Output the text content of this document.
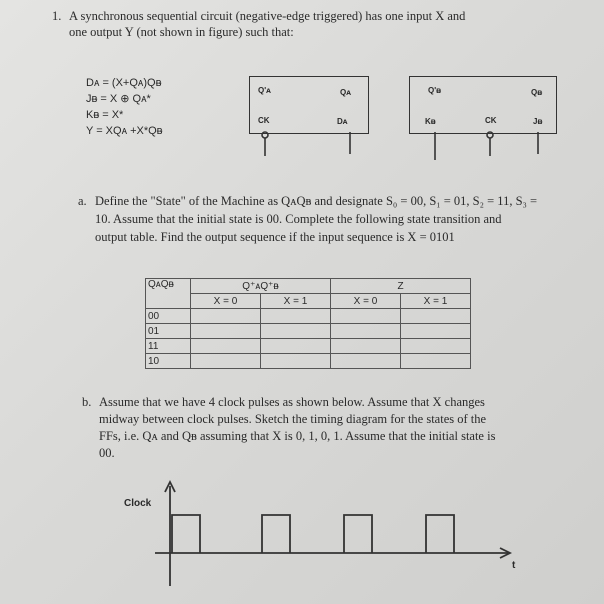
1. A synchronous sequential circuit (negative-edge triggered) has one input X and
one output Y (not shown in figure) such that:
Dᴀ = (X+Qᴀ)Qᴃ
Jᴃ = X ⊕ Qᴀ*
Kᴃ = X*
Y = XQᴀ +X*Qᴃ
Q'ᴀ	Qᴀ
CK	Dᴀ
Q'ᴃ	Qᴃ
Kᴃ	CK	Jᴃ
a. Define the "State" of the Machine as QᴀQᴃ and designate S₀ = 00, S₁ = 01, S₂ = 11, S₃ =
10. Assume that the initial state is 00. Complete the following state transition and
output table. Find the output sequence if the input sequence is X = 0101
QᴀQᴃ	Q⁺ᴀQ⁺ᴃ		Z	
	X = 0	X = 1	X = 0	X = 1
00				
01				
11				
10				
b. Assume that we have 4 clock pulses as shown below. Assume that X changes
midway between clock pulses. Sketch the timing diagram for the states of the
FFs, i.e. Qᴀ and Qᴃ assuming that X is 0, 1, 0, 1. Assume that the initial state is
00.
Clock
t
